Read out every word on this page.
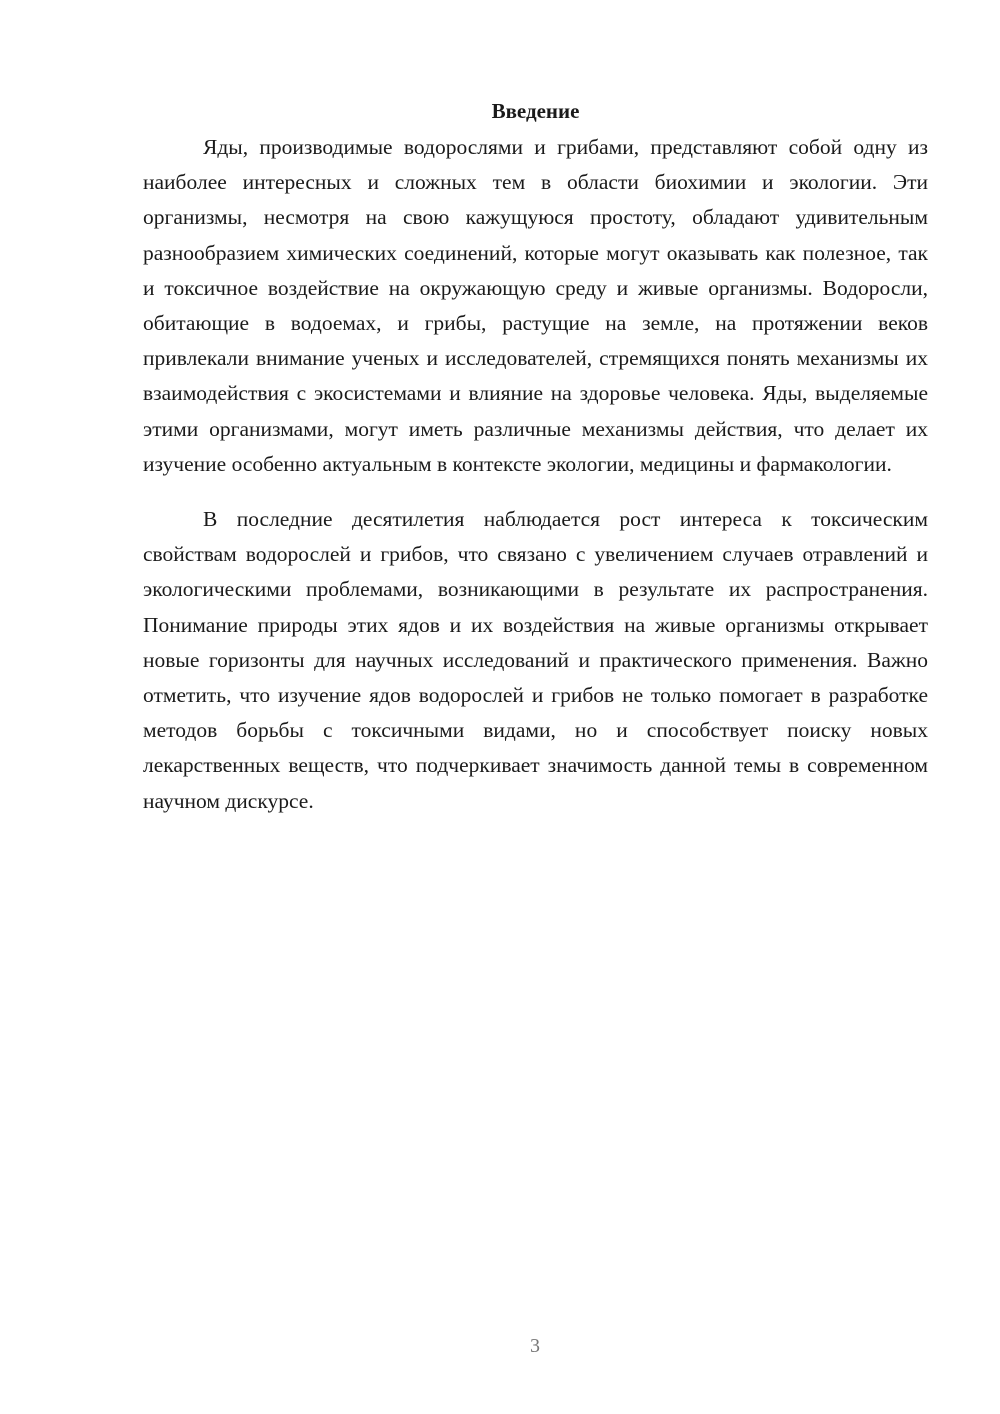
Введение

Яды, производимые водорослями и грибами, представляют собой одну из наиболее интересных и сложных тем в области биохимии и экологии. Эти организмы, несмотря на свою кажущуюся простоту, обладают удивительным разнообразием химических соединений, которые могут оказывать как полезное, так и токсичное воздействие на окружающую среду и живые организмы. Водоросли, обитающие в водоемах, и грибы, растущие на земле, на протяжении веков привлекали внимание ученых и исследователей, стремящихся понять механизмы их взаимодействия с экосистемами и влияние на здоровье человека. Яды, выделяемые этими организмами, могут иметь различные механизмы действия, что делает их изучение особенно актуальным в контексте экологии, медицины и фармакологии.

В последние десятилетия наблюдается рост интереса к токсическим свойствам водорослей и грибов, что связано с увеличением случаев отравлений и экологическими проблемами, возникающими в результате их распространения. Понимание природы этих ядов и их воздействия на живые организмы открывает новые горизонты для научных исследований и практического применения. Важно отметить, что изучение ядов водорослей и грибов не только помогает в разработке методов борьбы с токсичными видами, но и способствует поиску новых лекарственных веществ, что подчеркивает значимость данной темы в современном научном дискурсе.

3
